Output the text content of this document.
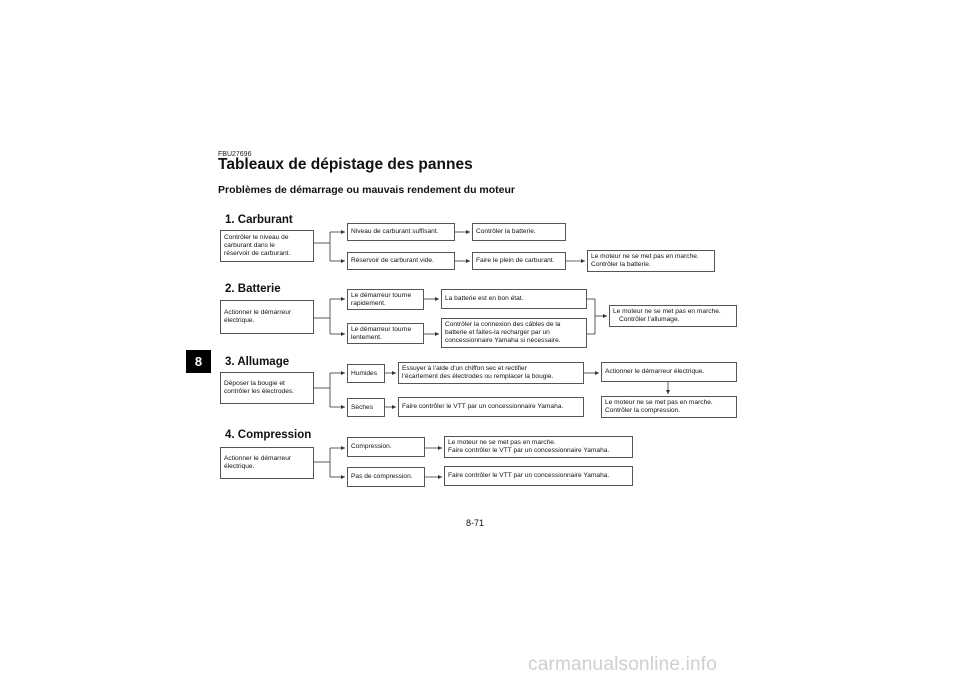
FBU27696
Tableaux de dépistage des pannes
Problèmes de démarrage ou mauvais rendement du moteur
8
1. Carburant
2. Batterie
3. Allumage
4. Compression
Contrôler le niveau de
carburant dans le
réservoir de carburant.
Niveau de carburant suffisant.
Réservoir de carburant vide.
Contrôler la batterie.
Faire le plein de carburant.
Le moteur ne se met pas en marche.
Contrôler la batterie.
Actionner le démarreur
électrique.
Le démarreur tourne
rapidement.
Le démarreur tourne
lentement.
La batterie est en bon état.
Contrôler la connexion des câbles de la
batterie et faites-la recharger par un
concessionnaire Yamaha si nécessaire.
Le moteur ne se met pas en marche.
Contrôler l’allumage.
Déposer la bougie et
contrôler les électrodes.
Humides
Sèches
Essuyer à l’aide d’un chiffon sec et rectifier
l’écartement des électrodes ou remplacer la bougie.
Faire contrôler le VTT par un concessionnaire Yamaha.
Actionner le démarreur électrique.
Le moteur ne se met pas en marche.
Contrôler la compression.
Actionner le démarreur
électrique.
Compression.
Pas de compression.
Le moteur ne se met pas en marche.
Faire contrôler le VTT par un concessionnaire Yamaha.
Faire contrôler le VTT par un concessionnaire Yamaha.
8-71
carmanualsonline.info
